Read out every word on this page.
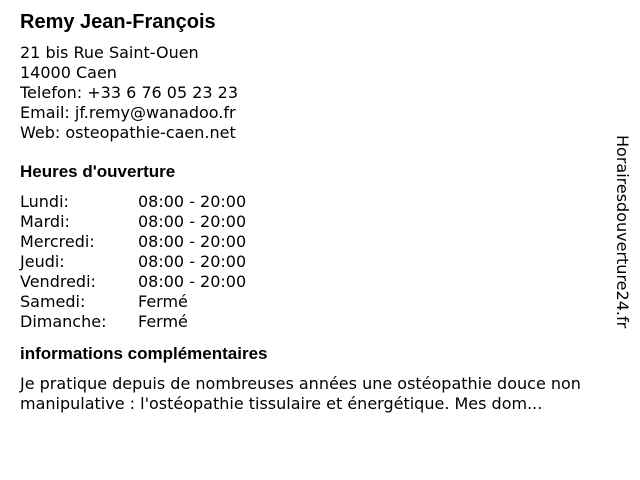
Remy Jean-François
21 bis Rue Saint-Ouen
14000 Caen
Telefon: +33 6 76 05 23 23
Email: jf.remy@wanadoo.fr
Web: osteopathie-caen.net
Heures d'ouverture
Lundi:	08:00 - 20:00
Mardi:	08:00 - 20:00
Mercredi:	08:00 - 20:00
Jeudi:	08:00 - 20:00
Vendredi:	08:00 - 20:00
Samedi:	Fermé
Dimanche:	Fermé
informations complémentaires
Je pratique depuis de nombreuses années une ostéopathie douce non manipulative : l'ostéopathie tissulaire et énergétique. Mes dom...
Horairesdouverture24.fr
